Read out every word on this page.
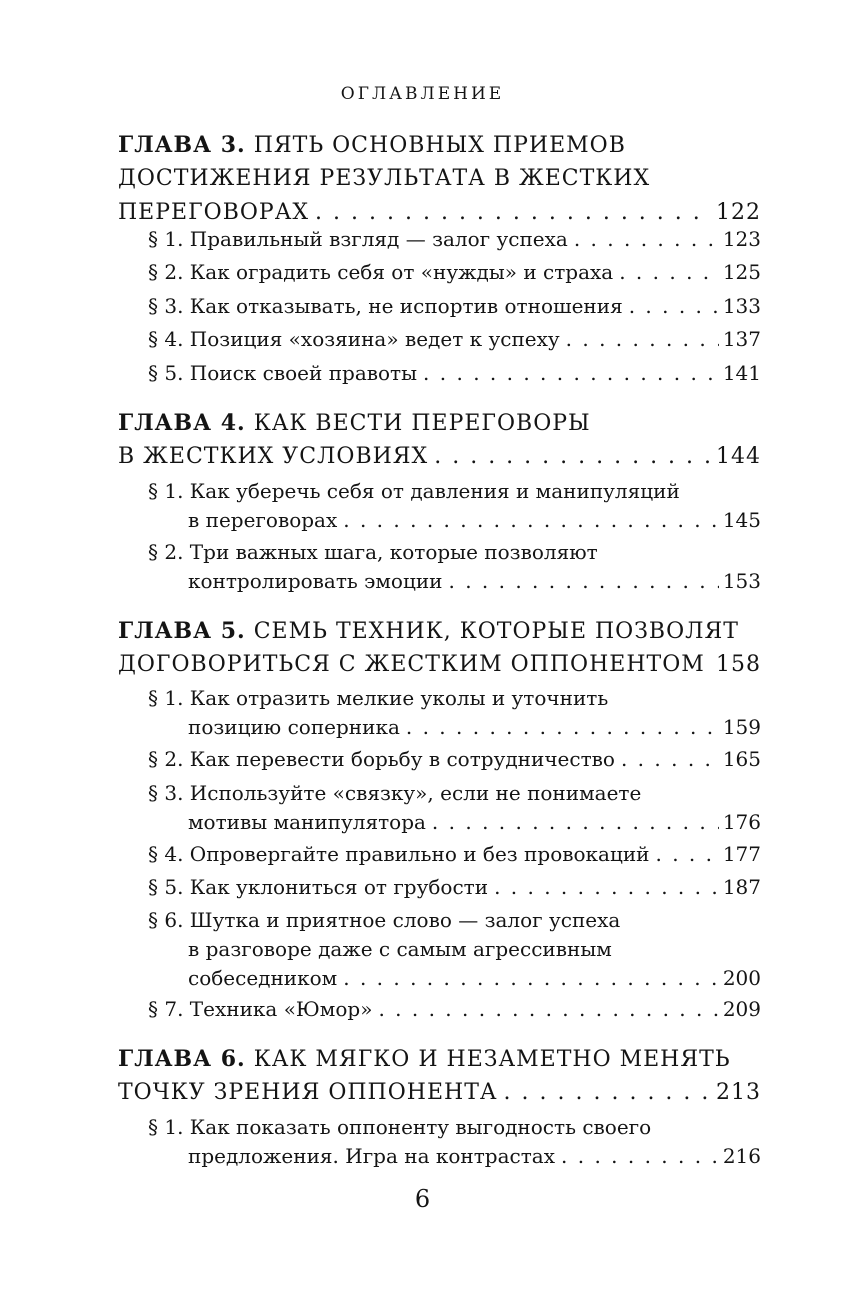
ОГЛАВЛЕНИЕ
ГЛАВА 3.
ПЯТЬ ОСНОВНЫХ ПРИЕМОВ
ДОСТИЖЕНИЯ РЕЗУЛЬТАТА В ЖЕСТКИХ
ПЕРЕГОВОРАХ . . .	122
§ 1. Правильный взгляд — залог успеха . . .	123
§ 2. Как оградить себя от «нужды» и страха . . .	125
§ 3. Как отказывать, не испортив отношения . . .	133
§ 4. Позиция «хозяина» ведет к успеху . . .	137
§ 5. Поиск своей правоты . . .	141
ГЛАВА 4.
КАК ВЕСТИ ПЕРЕГОВОРЫ
В ЖЕСТКИХ УСЛОВИЯХ . . .	144
§ 1. Как уберечь себя от давления и манипуляций
в переговорах . . .	145
§ 2. Три важных шага, которые позволяют
контролировать эмоции . . .	153
ГЛАВА 5.
СЕМЬ ТЕХНИК, КОТОРЫЕ ПОЗВОЛЯТ
ДОГОВОРИТЬСЯ С ЖЕСТКИМ ОППОНЕНТОМ . . . 158
§ 1. Как отразить мелкие уколы и уточнить
позицию соперника . . .	159
§ 2. Как перевести борьбу в сотрудничество . . .	165
§ 3. Используйте «связку», если не понимаете
мотивы манипулятора . . .	176
§ 4. Опровергайте правильно и без провокаций . . .	177
§ 5. Как уклониться от грубости . . .	187
§ 6. Шутка и приятное слово — залог успеха
в разговоре даже с самым агрессивным
собеседником . . .	200
§ 7. Техника «Юмор» . . .	209
ГЛАВА 6.
КАК МЯГКО И НЕЗАМЕТНО МЕНЯТЬ
ТОЧКУ ЗРЕНИЯ ОППОНЕНТА . . .	213
§ 1. Как показать оппоненту выгодность своего
предложения. Игра на контрастах . . .	216
6
